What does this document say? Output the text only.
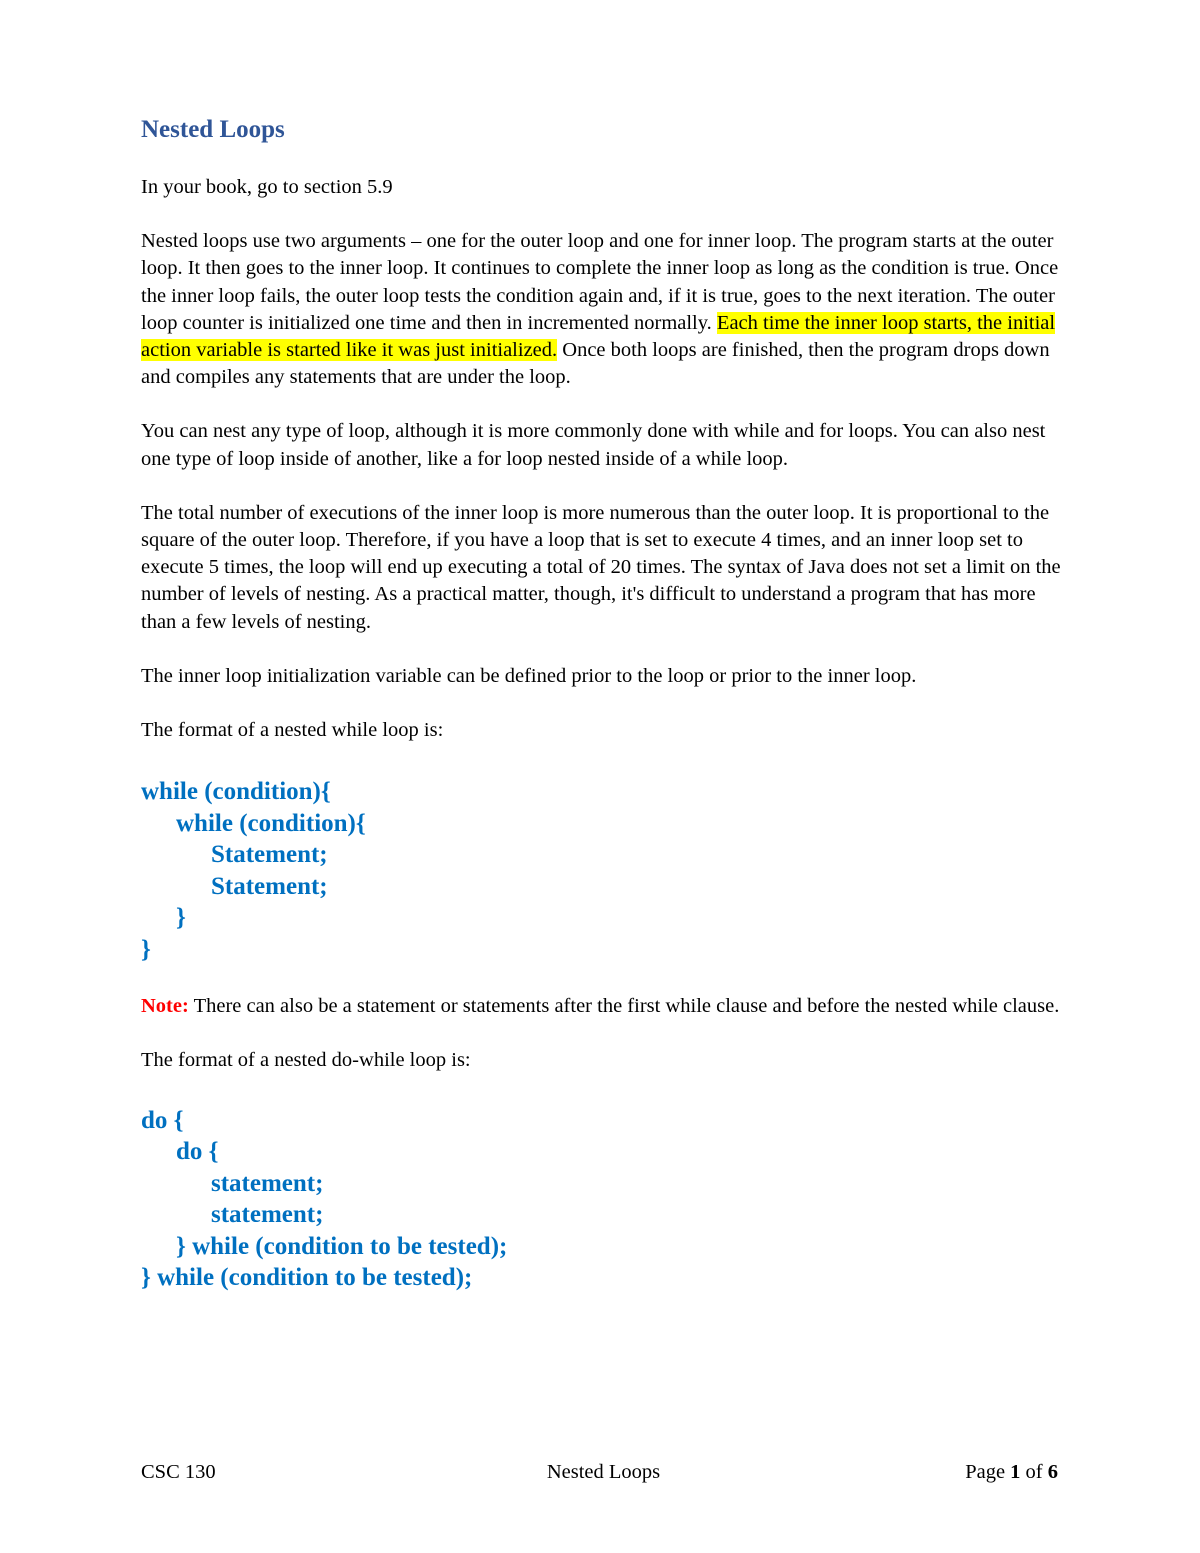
Nested Loops

In your book, go to section 5.9

Nested loops use two arguments – one for the outer loop and one for inner loop. The program starts at the outer loop. It then goes to the inner loop. It continues to complete the inner loop as long as the condition is true. Once the inner loop fails, the outer loop tests the condition again and, if it is true, goes to the next iteration. The outer loop counter is initialized one time and then in incremented normally. Each time the inner loop starts, the initial action variable is started like it was just initialized. Once both loops are finished, then the program drops down and compiles any statements that are under the loop.

You can nest any type of loop, although it is more commonly done with while and for loops. You can also nest one type of loop inside of another, like a for loop nested inside of a while loop.

The total number of executions of the inner loop is more numerous than the outer loop. It is proportional to the square of the outer loop. Therefore, if you have a loop that is set to execute 4 times, and an inner loop set to execute 5 times, the loop will end up executing a total of 20 times. The syntax of Java does not set a limit on the number of levels of nesting. As a practical matter, though, it's difficult to understand a program that has more than a few levels of nesting.

The inner loop initialization variable can be defined prior to the loop or prior to the inner loop.

The format of a nested while loop is:

while (condition){
while (condition){
Statement;
Statement;
}
}

Note: There can also be a statement or statements after the first while clause and before the nested while clause.

The format of a nested do-while loop is:

do {
do {
statement;
statement;
} while (condition to be tested);
} while (condition to be tested);
CSC 130	Nested Loops	Page 1 of 6
